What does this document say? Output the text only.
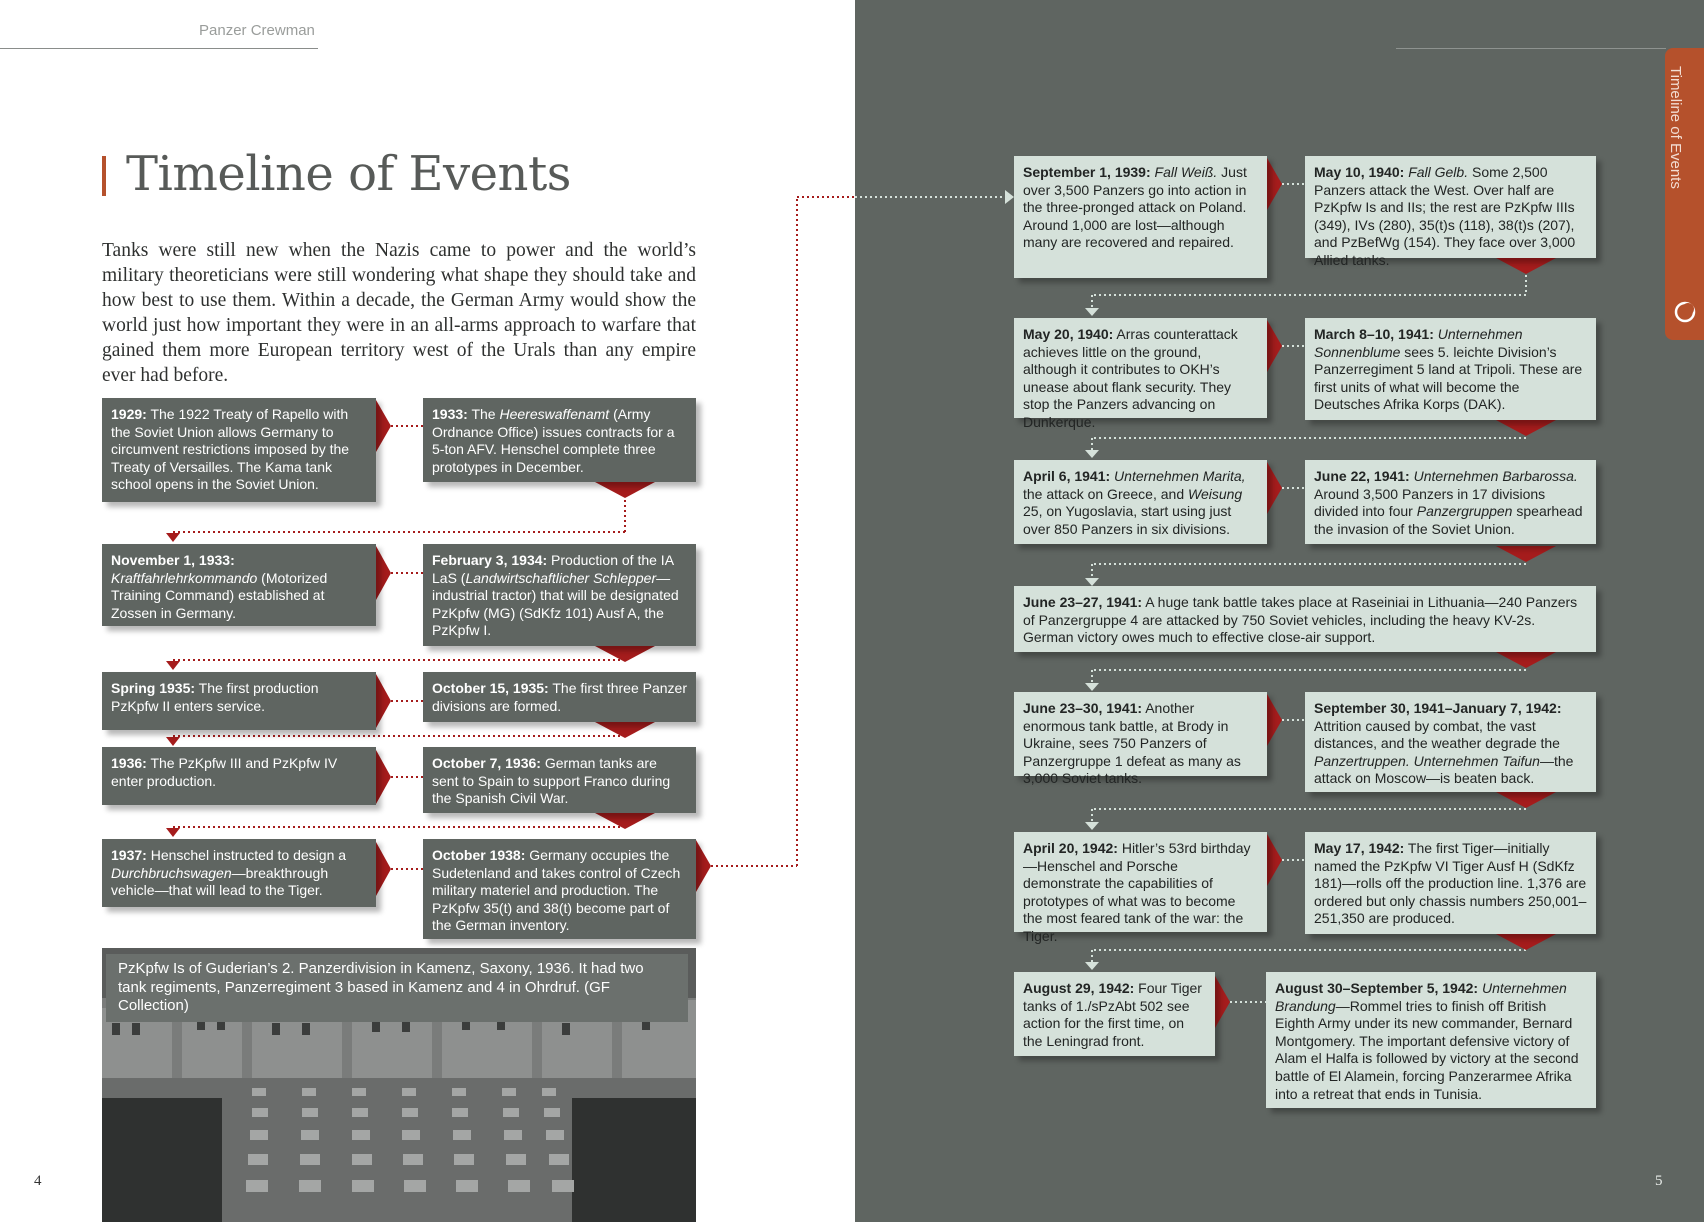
Panzer Crewman
Timeline of Events
Tanks were still new when the Nazis came to power and the world’s military theoreticians were still wondering what shape they should take and how best to use them. Within a decade, the German Army would show the world just how important they were in an all-arms approach to warfare that gained them more European territory west of the Urals than any empire ever had before.
1929: The 1922 Treaty of Rapello with the Soviet Union allows Germany to circumvent restrictions imposed by the Treaty of Versailles. The Kama tank school opens in the Soviet Union.
1933: The Heereswaffenamt (Army Ordnance Office) issues contracts for a 5-ton AFV. Henschel complete three prototypes in December.
November 1, 1933:
Kraftfahrlehrkommando (Motorized Training Command) established at Zossen in Germany.
February 3, 1934: Production of the IA LaS (Landwirtschaftlicher Schlepper—industrial tractor) that will be designated PzKpfw (MG) (SdKfz 101) Ausf A, the PzKpfw I.
Spring 1935: The first production PzKpfw II enters service.
October 15, 1935: The first three Panzer divisions are formed.
1936: The PzKpfw III and PzKpfw IV enter production.
October 7, 1936: German tanks are sent to Spain to support Franco during the Spanish Civil War.
1937: Henschel instructed to design a Durchbruchswagen—breakthrough vehicle—that will lead to the Tiger.
October 1938: Germany occupies the Sudetenland and takes control of Czech military materiel and production. The PzKpfw 35(t) and 38(t) become part of the German inventory.
PzKpfw Is of Guderian’s 2. Panzerdivision in Kamenz, Saxony, 1936. It had two tank regiments, Panzerregiment 3 based in Kamenz and 4 in Ohrdruf. (GF Collection)
September 1, 1939: Fall Weiß. Just over 3,500 Panzers go into action in the three-pronged attack on Poland. Around 1,000 are lost—although many are recovered and repaired.
May 10, 1940: Fall Gelb. Some 2,500 Panzers attack the West. Over half are PzKpfw Is and IIs; the rest are PzKpfw IIIs (349), IVs (280), 35(t)s (118), 38(t)s (207), and PzBefWg (154). They face over 3,000 Allied tanks.
May 20, 1940: Arras counterattack achieves little on the ground, although it contributes to OKH’s unease about flank security. They stop the Panzers advancing on Dunkerque.
March 8–10, 1941: Unternehmen Sonnenblume sees 5. leichte Division’s Panzerregiment 5 land at Tripoli. These are first units of what will become the Deutsches Afrika Korps (DAK).
April 6, 1941: Unternehmen Marita, the attack on Greece, and Weisung 25, on Yugoslavia, start using just over 850 Panzers in six divisions.
June 22, 1941: Unternehmen Barbarossa. Around 3,500 Panzers in 17 divisions divided into four Panzergruppen spearhead the invasion of the Soviet Union.
June 23–27, 1941: A huge tank battle takes place at Raseiniai in Lithuania—240 Panzers of Panzergruppe 4 are attacked by 750 Soviet vehicles, including the heavy KV-2s. German victory owes much to effective close-air support.
June 23–30, 1941: Another enormous tank battle, at Brody in Ukraine, sees 750 Panzers of Panzergruppe 1 defeat as many as 3,000 Soviet tanks.
September 30, 1941–January 7, 1942: Attrition caused by combat, the vast distances, and the weather degrade the Panzertruppen. Unternehmen Taifun—the attack on Moscow—is beaten back.
April 20, 1942: Hitler’s 53rd birthday—Henschel and Porsche demonstrate the capabilities of prototypes of what was to become the most feared tank of the war: the Tiger.
May 17, 1942: The first Tiger—initially named the PzKpfw VI Tiger Ausf H (SdKfz 181)—rolls off the production line. 1,376 are ordered but only chassis numbers 250,001–251,350 are produced.
August 29, 1942: Four Tiger tanks of 1./sPzAbt 502 see action for the first time, on the Leningrad front.
August 30–September 5, 1942: Unternehmen Brandung—Rommel tries to finish off British Eighth Army under its new commander, Bernard Montgomery. The important defensive victory of Alam el Halfa is followed by victory at the second battle of El Alamein, forcing Panzerarmee Afrika into a retreat that ends in Tunisia.
Timeline of Events
4	5
